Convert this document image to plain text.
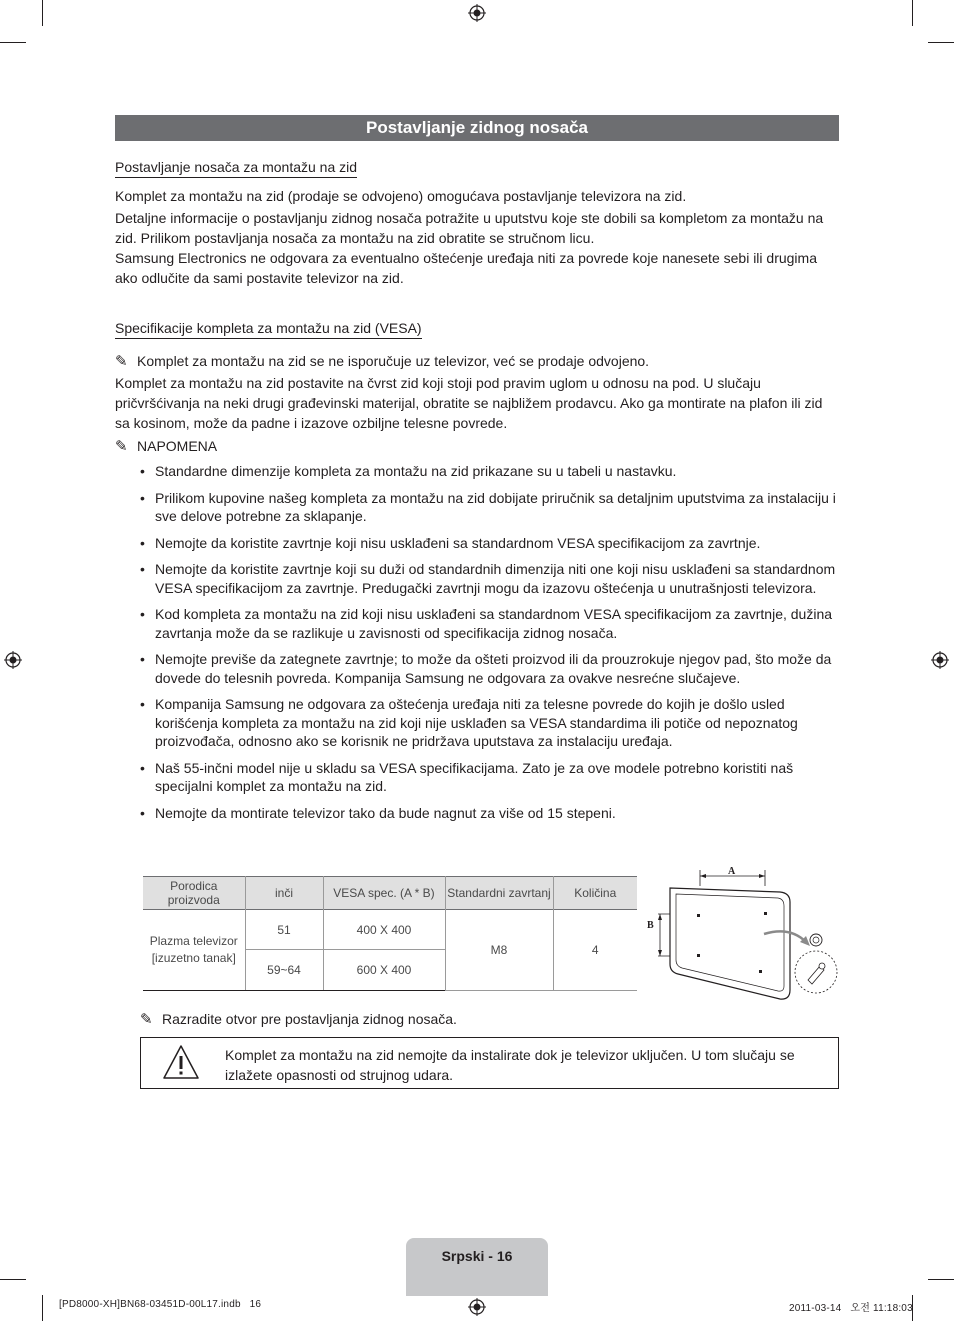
Postavljanje zidnog nosača
Postavljanje nosača za montažu na zid
Komplet za montažu na zid (prodaje se odvojeno) omogućava postavljanje televizora na zid.
Detaljne informacije o postavljanju zidnog nosača potražite u uputstvu koje ste dobili sa kompletom za montažu na zid. Prilikom postavljanja nosača za montažu na zid obratite se stručnom licu.
Samsung Electronics ne odgovara za eventualno oštećenje uređaja niti za povrede koje nanesete sebi ili drugima ako odlučite da sami postavite televizor na zid.
Specifikacije kompleta za montažu na zid (VESA)
✎ Komplet za montažu na zid se ne isporučuje uz televizor, već se prodaje odvojeno.
Komplet za montažu na zid postavite na čvrst zid koji stoji pod pravim uglom u odnosu na pod. U slučaju pričvršćivanja na neki drugi građevinski materijal, obratite se najbližem prodavcu. Ako ga montirate na plafon ili zid sa kosinom, može da padne i izazove ozbiljne telesne povrede.
✎ NAPOMENA
• Standardne dimenzije kompleta za montažu na zid prikazane su u tabeli u nastavku.
• Prilikom kupovine našeg kompleta za montažu na zid dobijate priručnik sa detaljnim uputstvima za instalaciju i sve delove potrebne za sklapanje.
• Nemojte da koristite zavrtnje koji nisu usklađeni sa standardnom VESA specifikacijom za zavrtnje.
• Nemojte da koristite zavrtnje koji su duži od standardnih dimenzija niti one koji nisu usklađeni sa standardnom VESA specifikacijom za zavrtnje. Predugački zavrtnji mogu da izazovu oštećenja u unutrašnjosti televizora.
• Kod kompleta za montažu na zid koji nisu usklađeni sa standardnom VESA specifikacijom za zavrtnje, dužina zavrtanja može da se razlikuje u zavisnosti od specifikacija zidnog nosača.
• Nemojte previše da zategnete zavrtnje; to može da ošteti proizvod ili da prouzrokuje njegov pad, što može da dovede do telesnih povreda. Kompanija Samsung ne odgovara za ovakve nesrećne slučajeve.
• Kompanija Samsung ne odgovara za oštećenja uređaja niti za telesne povrede do kojih je došlo usled korišćenja kompleta za montažu na zid koji nije usklađen sa VESA standardima ili potiče od nepoznatog proizvođača, odnosno ako se korisnik ne pridržava uputstava za instalaciju uređaja.
• Naš 55-inčni model nije u skladu sa VESA specifikacijama. Zato je za ove modele potrebno koristiti naš specijalni komplet za montažu na zid.
• Nemojte da montirate televizor tako da bude nagnut za više od 15 stepeni.
Porodica proizvoda	inči	VESA spec. (A * B)	Standardni zavrtanj	Količina
Plazma televizor [izuzetno tanak]	51	400 X 400	M8	4
	59~64	600 X 400		
A
B
✎ Razradite otvor pre postavljanja zidnog nosača.
Komplet za montažu na zid nemojte da instalirate dok je televizor uključen. U tom slučaju se izlažete opasnosti od strujnog udara.
Srpski - 16
[PD8000-XH]BN68-03451D-00L17.indb   16	2011-03-14   오전 11:18:03
